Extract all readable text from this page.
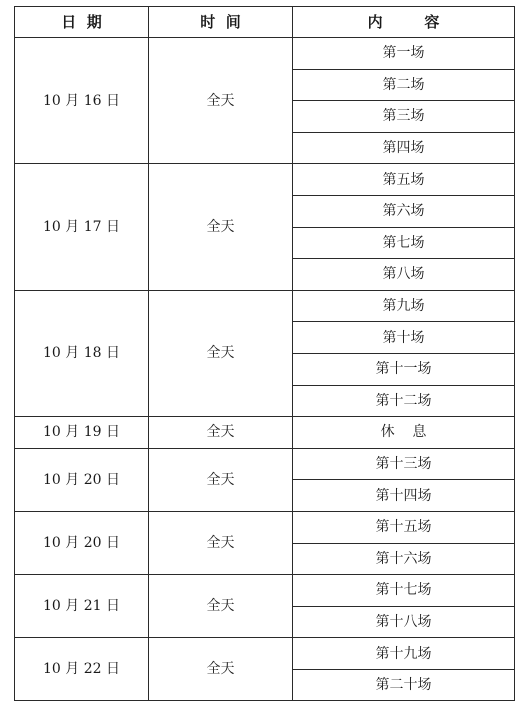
日  期	时  间	内        容
10 月 16 日	全天	第一场
		第二场
		第三场
		第四场
10 月 17 日	全天	第五场
		第六场
		第七场
		第八场
10 月 18 日	全天	第九场
		第十场
		第十一场
		第十二场
10 月 19 日	全天	休    息
10 月 20 日	全天	第十三场
		第十四场
10 月 20 日	全天	第十五场
		第十六场
10 月 21 日	全天	第十七场
		第十八场
10 月 22 日	全天	第十九场
		第二十场
